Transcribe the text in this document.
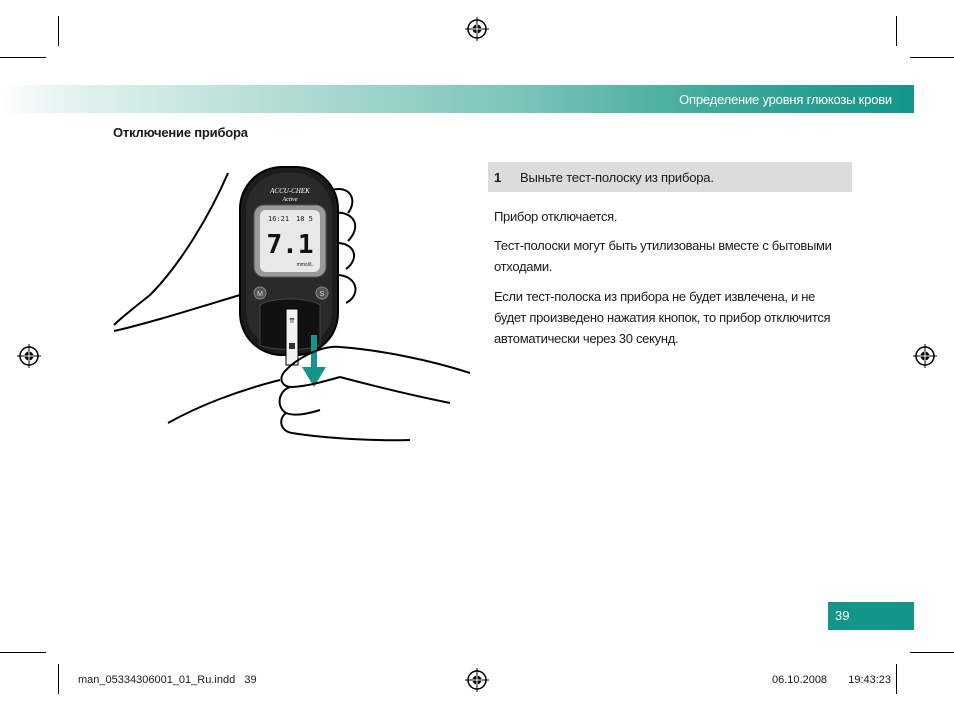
Определение уровня глюкозы крови
Отключение прибора
ACCU-CHEK
Active
16:21 18 5
7.1
mmol/L
M	S
⇈
1 Выньте тест-полоску из прибора.

Прибор отключается.

Тест-полоски могут быть утилизованы вместе с бытовыми отходами.

Если тест-полоска из прибора не будет извлечена, и не будет произведено нажатия кнопок, то прибор отключится автоматически через 30 секунд.

39
man_05334306001_01_Ru.indd   39	06.10.2008   19:43:23
